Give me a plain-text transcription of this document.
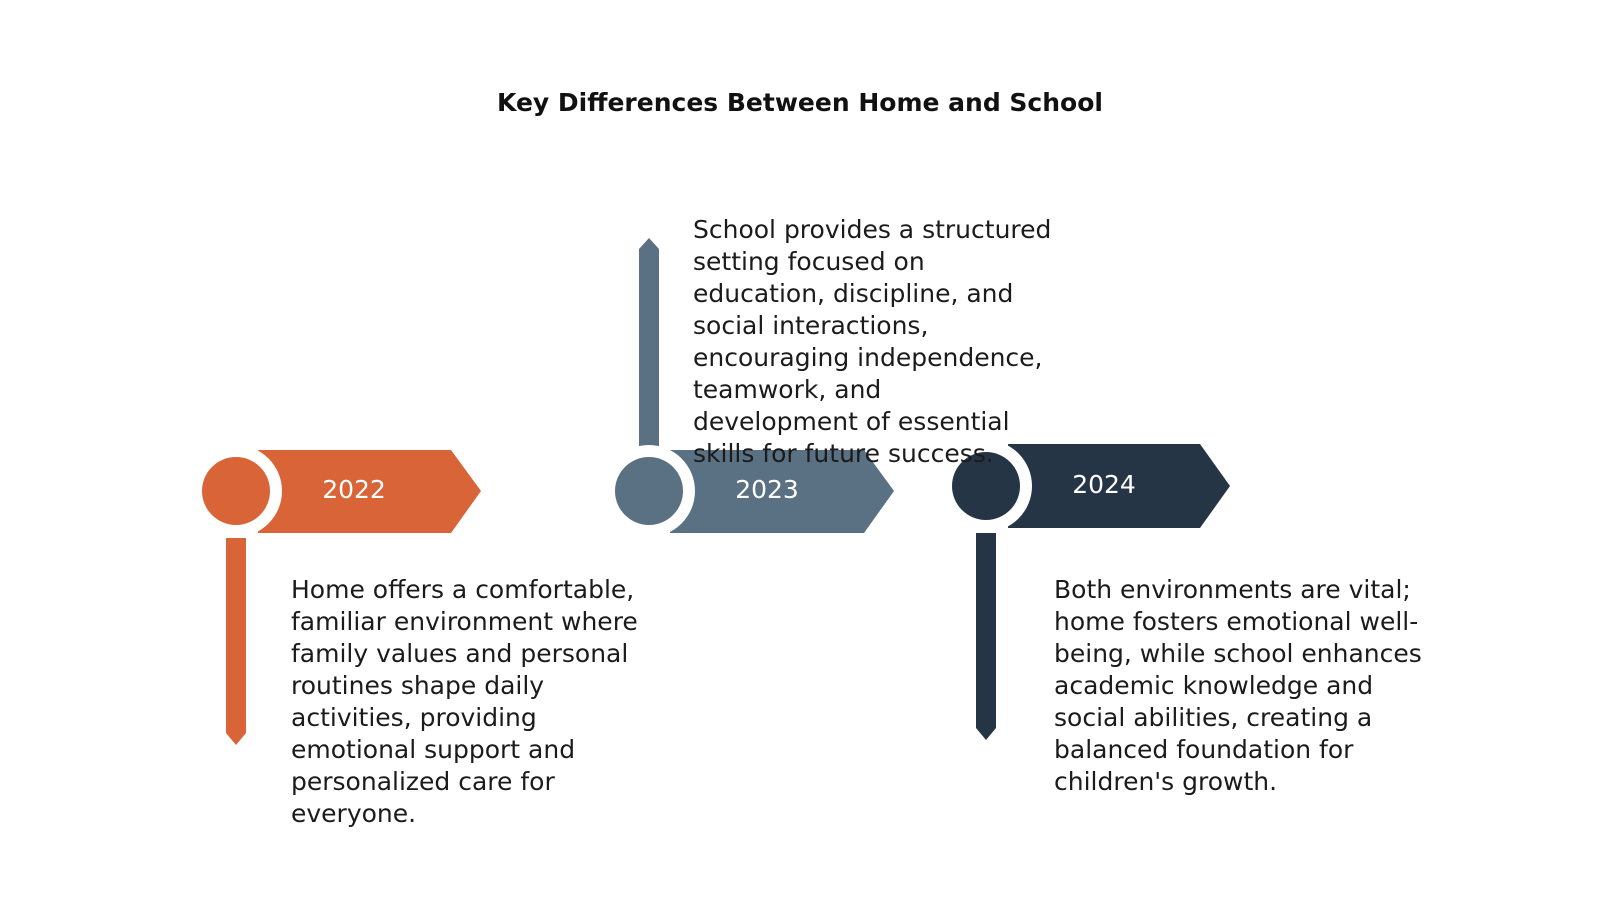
Key Differences Between Home and School
2022	2023	2024
Home offers a comfortable, familiar environment where family values and personal routines shape daily activities, providing emotional support and personalized care for everyone.
School provides a structured setting focused on education, discipline, and social interactions, encouraging independence, teamwork, and development of essential skills for future success.
Both environments are vital; home fosters emotional well-being, while school enhances academic knowledge and social abilities, creating a balanced foundation for children's growth.
